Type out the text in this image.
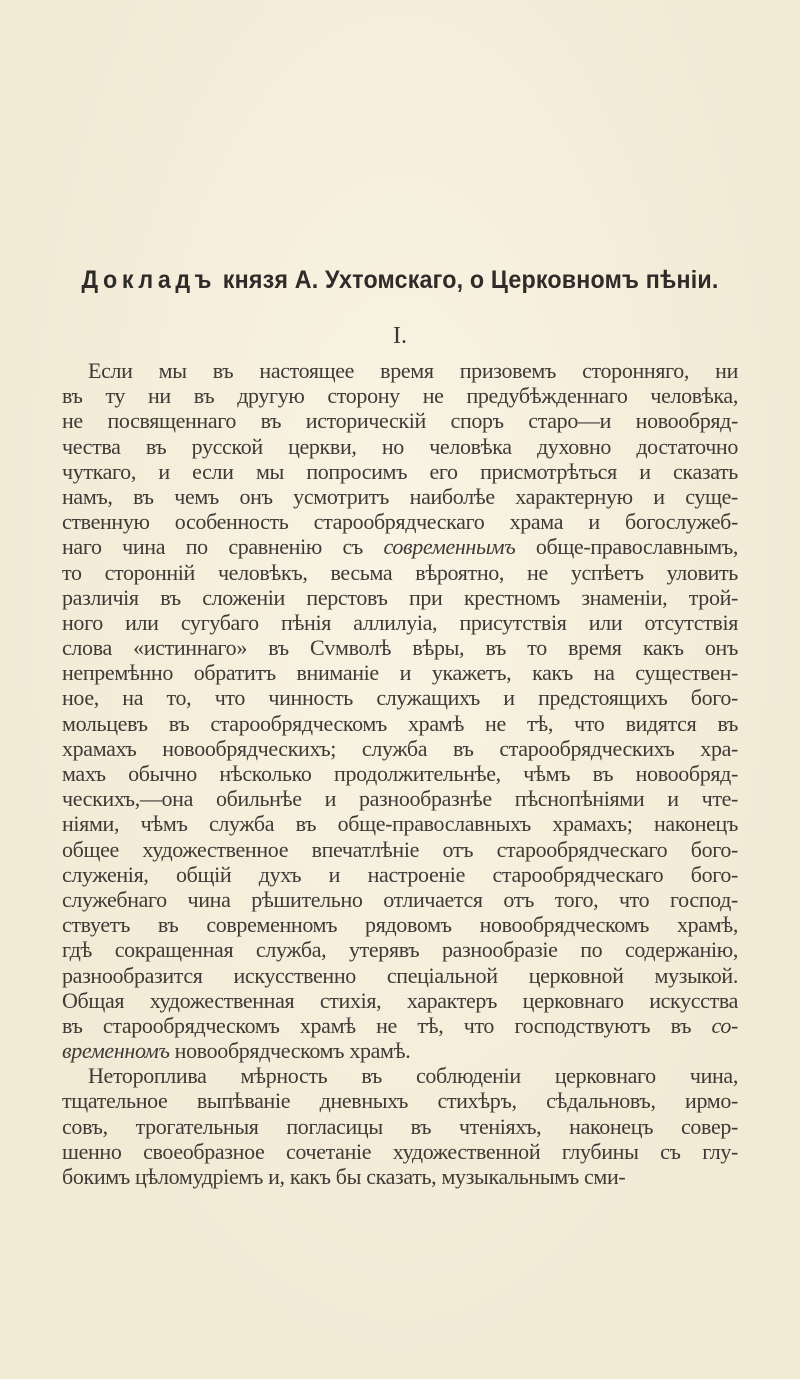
Докладъ князя А. Ухтомскаго, о Церковномъ пѣніи.
I.
Если мы въ настоящее время призовемъ сторонняго, ни
въ ту ни въ другую сторону не предубѣжденнаго человѣка,
не посвященнаго въ историческій споръ старо—и новообряд-
чества въ русской церкви, но человѣка духовно достаточно
чуткаго, и если мы попросимъ его присмотрѣться и сказать
намъ, въ чемъ онъ усмотритъ наиболѣе характерную и суще-
ственную особенность старообрядческаго храма и богослужеб-
наго чина по сравненію съ современнымъ обще-православнымъ,
то сторонній человѣкъ, весьма вѣроятно, не успѣетъ уловить
различія въ сложеніи перстовъ при крестномъ знаменіи, трой-
ного или сугубаго пѣнія аллилуіа, присутствія или отсутствія
слова «истиннаго» въ Сvмволѣ вѣры, въ то время какъ онъ
непремѣнно обратитъ вниманіе и укажетъ, какъ на существен-
ное, на то, что чинность служащихъ и предстоящихъ бого-
мольцевъ въ старообрядческомъ храмѣ не тѣ, что видятся въ
храмахъ новообрядческихъ; служба въ старообрядческихъ хра-
махъ обычно нѣсколько продолжительнѣе, чѣмъ въ новообряд-
ческихъ,—она обильнѣе и разнообразнѣе пѣснопѣніями и чте-
ніями, чѣмъ служба въ обще-православныхъ храмахъ; наконецъ
общее художественное впечатлѣніе отъ старообрядческаго бого-
служенія, общій духъ и настроеніе старообрядческаго бого-
служебнаго чина рѣшительно отличается отъ того, что господ-
ствуетъ въ современномъ рядовомъ новообрядческомъ храмѣ,
гдѣ сокращенная служба, утерявъ разнообразіе по содержанію,
разнообразится искусственно спеціальной церковной музыкой.
Общая художественная стихія, характеръ церковнаго искусства
въ старообрядческомъ храмѣ не тѣ, что господствуютъ въ со-
временномъ новообрядческомъ храмѣ.
Нетороплива мѣрность въ соблюденіи церковнаго чина,
тщательное выпѣваніе дневныхъ стихѣръ, сѣдальновъ, ирмо-
совъ, трогательныя погласицы въ чтеніяхъ, наконецъ совер-
шенно своеобразное сочетаніе художественной глубины съ глу-
бокимъ цѣломудріемъ и, какъ бы сказать, музыкальнымъ сми-
